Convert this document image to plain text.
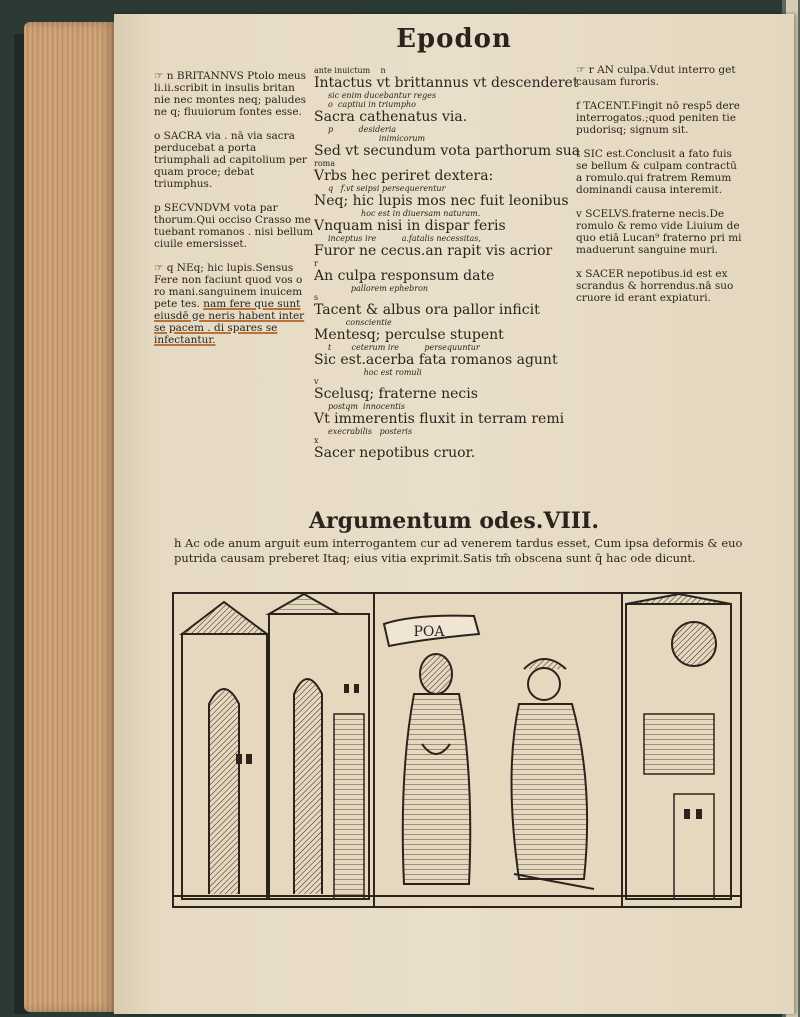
Epodon

☞ n BRITANNVS Ptolo meus li.ii.scribit in insulis britan nie nec montes neq; paludes ne q; fluuiorum fontes esse.

o SACRA via . nā via sacra perducebat a porta triumphali ad capitolium per quam proce; debat triumphus.

p SECVNDVM vota par thorum.Qui occiso Crasso me tuebant romanos . nisi bellum ciuile emersisset.

☞ q NEq; hic lupis.Sensus Fere non faciunt quod vos o ro mani.sanguinem inuicem pete tes. nam fere que sunt eiusdē ge neris habent inter se pacem . di spares se infectantur.

ante inuictum    n

Intactus vt brittannus vt descenderet

sic enim ducebantur reges

o  captiui in triumpho

Sacra cathenatus via.

p          desideria

inimicorum

Sed vt secundum vota parthorum sua

roma

Vrbs hec periret dextera:

q   f.vt seipsi persequerentur

Neq; hic lupis mos nec fuit leonibus

hoc est in diuersam naturam.

Vnquam nisi in dispar feris

inceptus ire          a.fatalis necessitas,

Furor ne cecus.an rapit vis acrior

r

An culpa responsum date

pallorem ephebron

s

Tacent & albus ora pallor inficit

conscientie

Mentesq; perculse stupent

t        ceterum ire          persequuntur

Sic est.acerba fata romanos agunt

hoc est romuli

v

Scelusq; fraterne necis

postqm  innocentis

Vt immerentis fluxit in terram remi

execrabilis   posteris

x

Sacer nepotibus cruor.

☞ r AN culpa.Vdut interro get causam furoris.

f TACENT.Fingit nō resp5 dere interrogatos.;quod peniten tie pudorisq; signum sit.

t SIC est.Conclusit a fato fuis se bellum & culpam contractū a romulo.qui fratrem Remum dominandi causa interemit.

v SCELVS.fraterne necis.De romulo & remo vide Liuium de quo etiā Lucan⁹ fraterno pri mi maduerunt sanguine muri.

x SACER nepotibus.id est ex scrandus & horrendus.nā suo cruore id erant expiaturi.

Argumentum odes.VIII.
h Ac ode anum arguit eum interrogantem cur ad venerem tardus esset, Cum ipsa deformis & euo putrida causam preberet Itaq; eius vitia exprimit.Satis tm̄ obscena sunt q̄ hac ode dicunt.
POA
